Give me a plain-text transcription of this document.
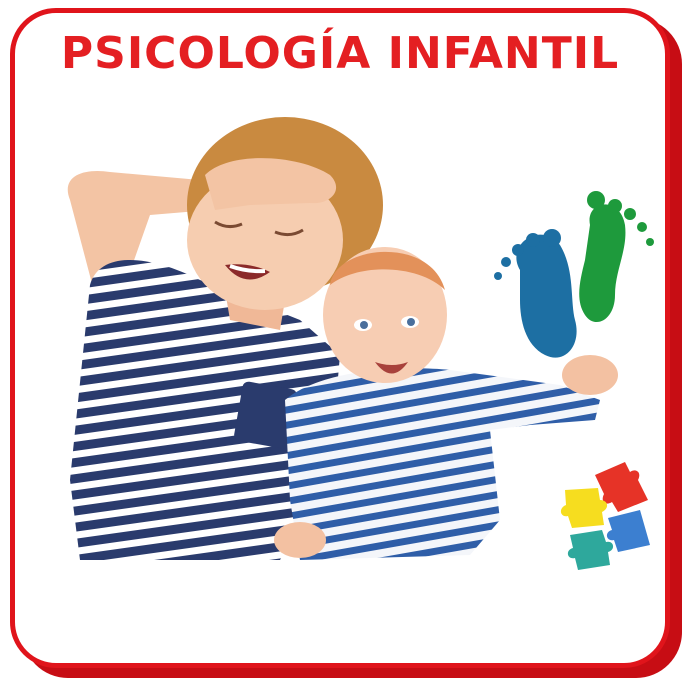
PSICOLOGÍA INFANTIL
